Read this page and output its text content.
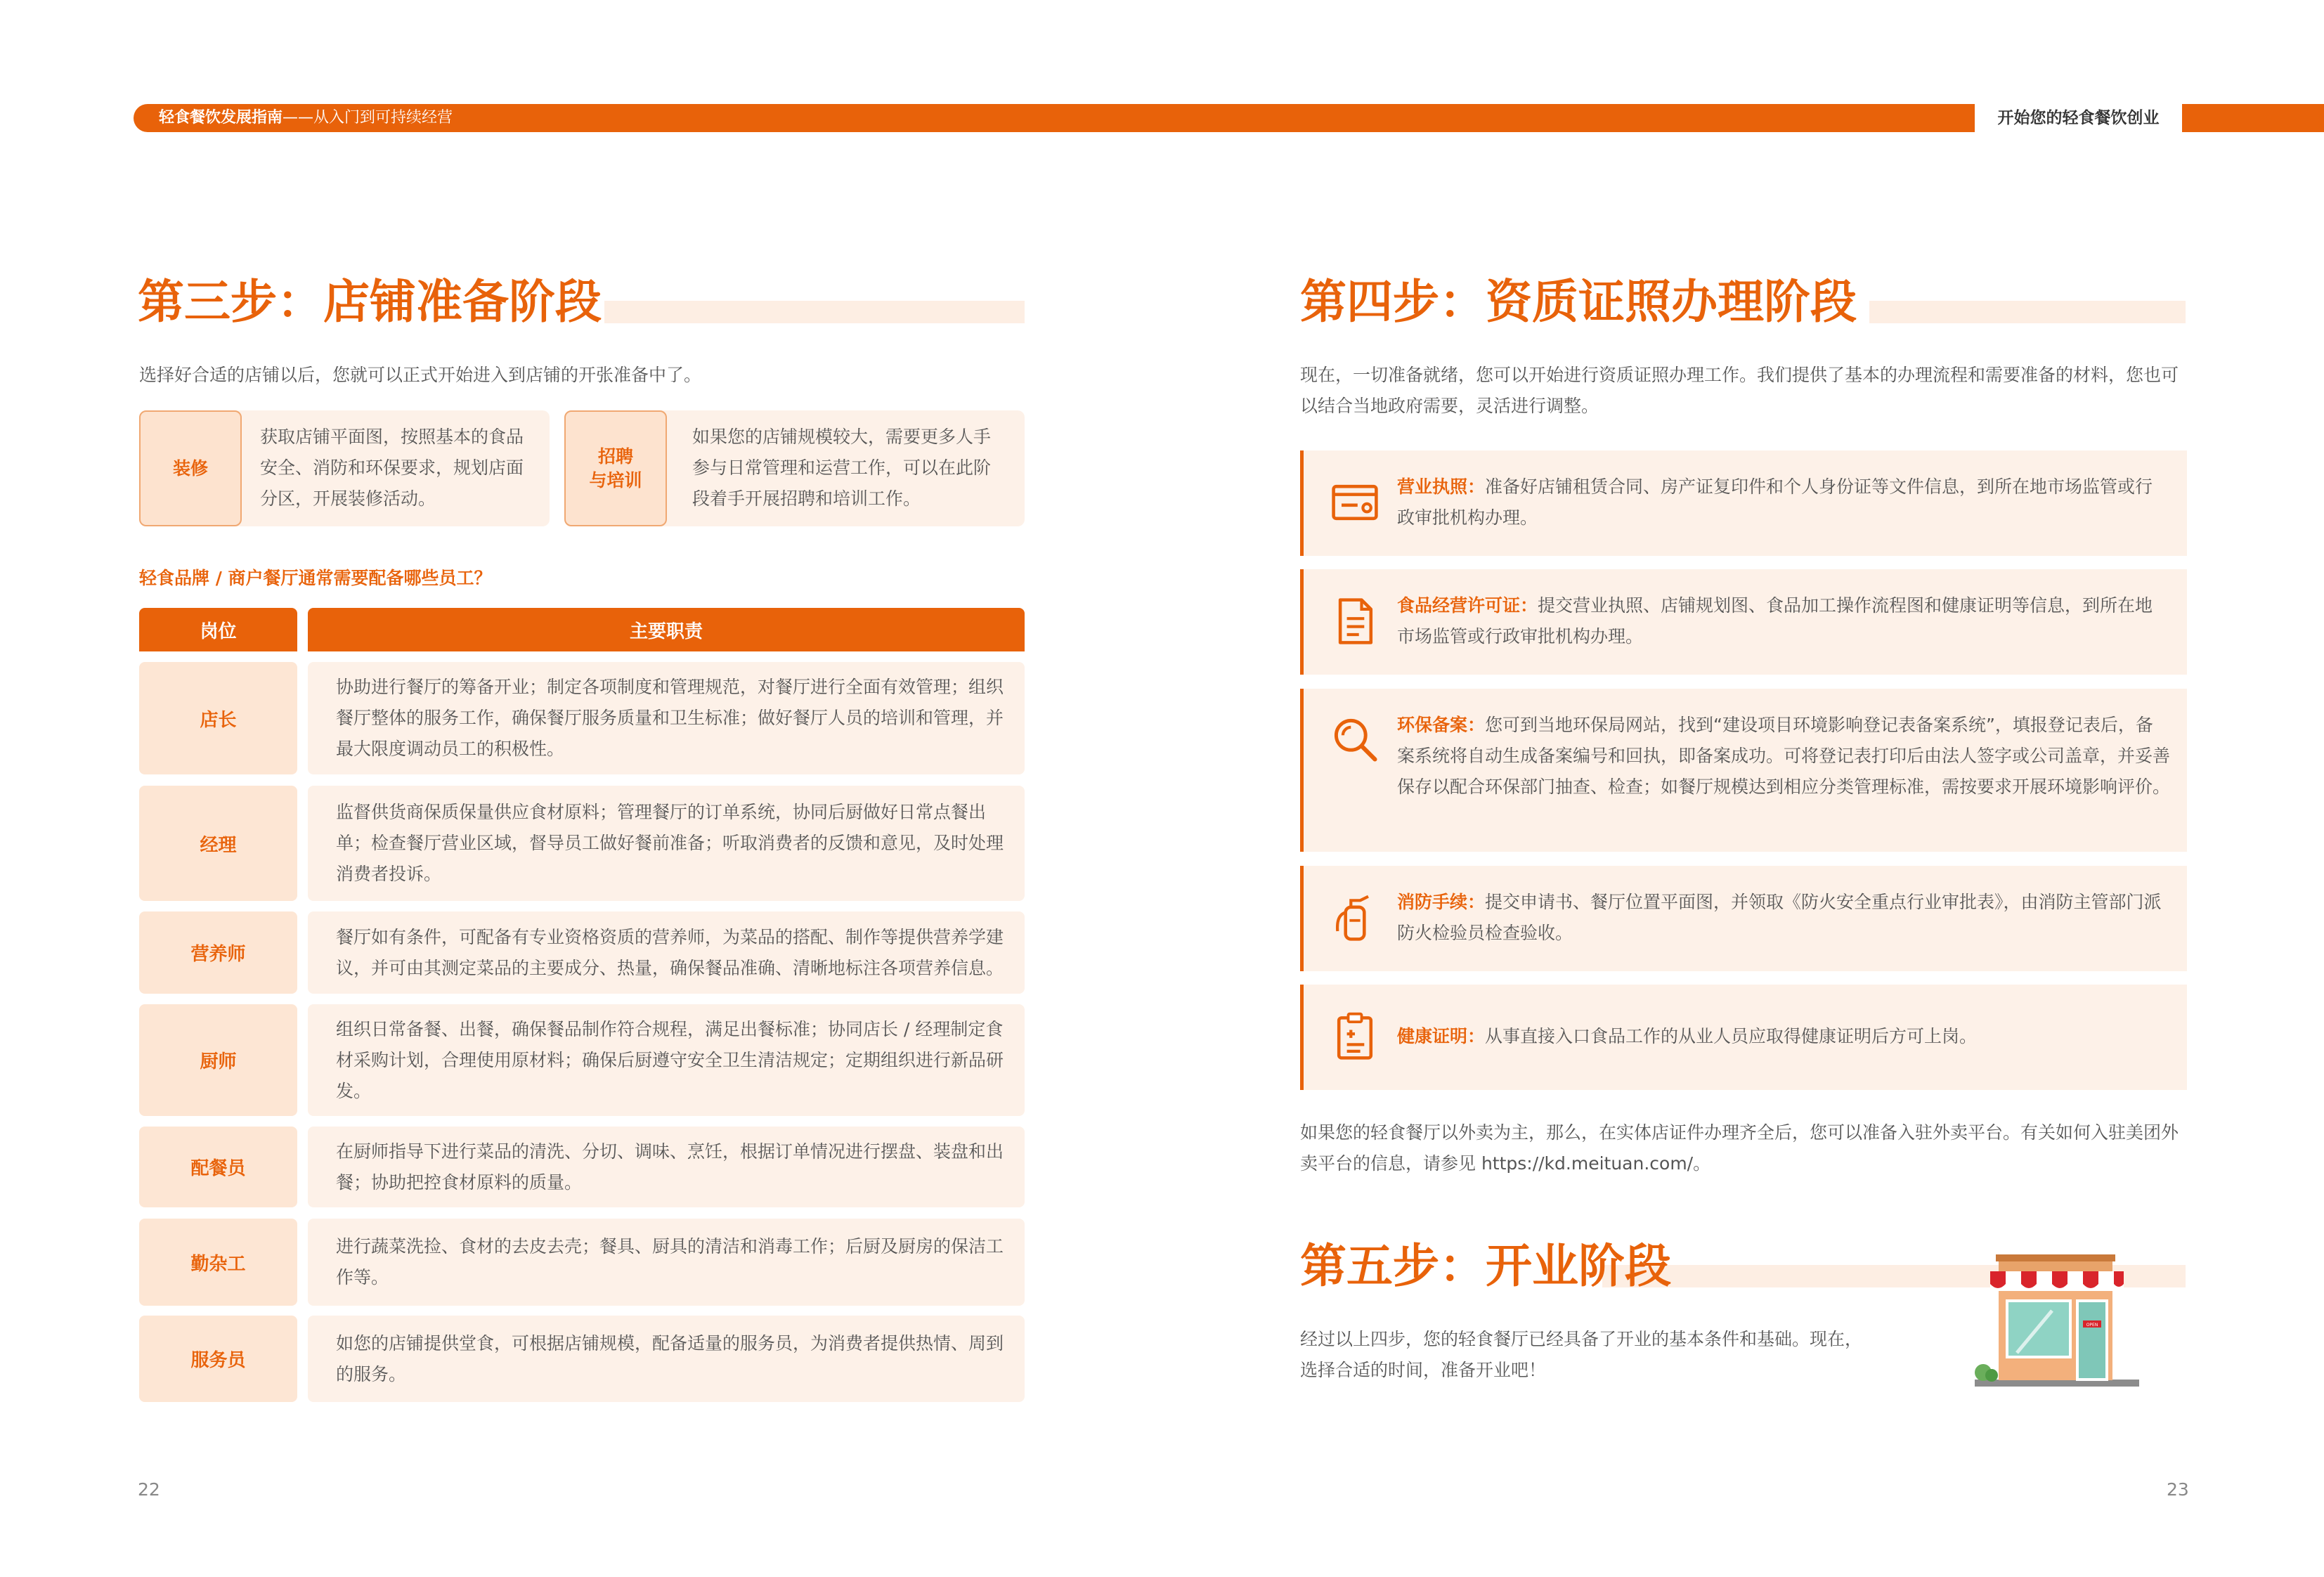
轻食餐饮发展指南——从入门到可持续经营	开始您的轻食餐饮创业
第三步：店铺准备阶段
选择好合适的店铺以后，您就可以正式开始进入到店铺的开张准备中了。
装修
获取店铺平面图，按照基本的食品安全、消防和环保要求，规划店面分区，开展装修活动。
招聘
与培训
如果您的店铺规模较大，需要更多人手参与日常管理和运营工作，可以在此阶段着手开展招聘和培训工作。
轻食品牌 / 商户餐厅通常需要配备哪些员工？
岗位	主要职责
店长
协助进行餐厅的筹备开业；制定各项制度和管理规范，对餐厅进行全面有效管理；组织餐厅整体的服务工作，确保餐厅服务质量和卫生标准；做好餐厅人员的培训和管理，并最大限度调动员工的积极性。
经理
监督供货商保质保量供应食材原料；管理餐厅的订单系统，协同后厨做好日常点餐出单；检查餐厅营业区域，督导员工做好餐前准备；听取消费者的反馈和意见，及时处理消费者投诉。
营养师
餐厅如有条件，可配备有专业资格资质的营养师，为菜品的搭配、制作等提供营养学建议，并可由其测定菜品的主要成分、热量，确保餐品准确、清晰地标注各项营养信息。
厨师
组织日常备餐、出餐，确保餐品制作符合规程，满足出餐标准；协同店长 / 经理制定食材采购计划，合理使用原材料；确保后厨遵守安全卫生清洁规定；定期组织进行新品研发。
配餐员
在厨师指导下进行菜品的清洗、分切、调味、烹饪，根据订单情况进行摆盘、装盘和出餐；协助把控食材原料的质量。
勤杂工
进行蔬菜洗捡、食材的去皮去壳；餐具、厨具的清洁和消毒工作；后厨及厨房的保洁工作等。
服务员
如您的店铺提供堂食，可根据店铺规模，配备适量的服务员，为消费者提供热情、周到的服务。
22
第四步：资质证照办理阶段
现在，一切准备就绪，您可以开始进行资质证照办理工作。我们提供了基本的办理流程和需要准备的材料，您也可以结合当地政府需要，灵活进行调整。
营业执照：准备好店铺租赁合同、房产证复印件和个人身份证等文件信息，到所在地市场监管或行政审批机构办理。
食品经营许可证：提交营业执照、店铺规划图、食品加工操作流程图和健康证明等信息，到所在地市场监管或行政审批机构办理。
环保备案：您可到当地环保局网站，找到“建设项目环境影响登记表备案系统”，填报登记表后，备案系统将自动生成备案编号和回执，即备案成功。可将登记表打印后由法人签字或公司盖章，并妥善保存以配合环保部门抽查、检查；如餐厅规模达到相应分类管理标准，需按要求开展环境影响评价。
消防手续：提交申请书、餐厅位置平面图，并领取《防火安全重点行业审批表》，由消防主管部门派防火检验员检查验收。
健康证明：从事直接入口食品工作的从业人员应取得健康证明后方可上岗。
如果您的轻食餐厅以外卖为主，那么，在实体店证件办理齐全后，您可以准备入驻外卖平台。有关如何入驻美团外卖平台的信息，请参见 https://kd.meituan.com/。
第五步：开业阶段
经过以上四步，您的轻食餐厅已经具备了开业的基本条件和基础。现在，选择合适的时间，准备开业吧！
OPEN
23
